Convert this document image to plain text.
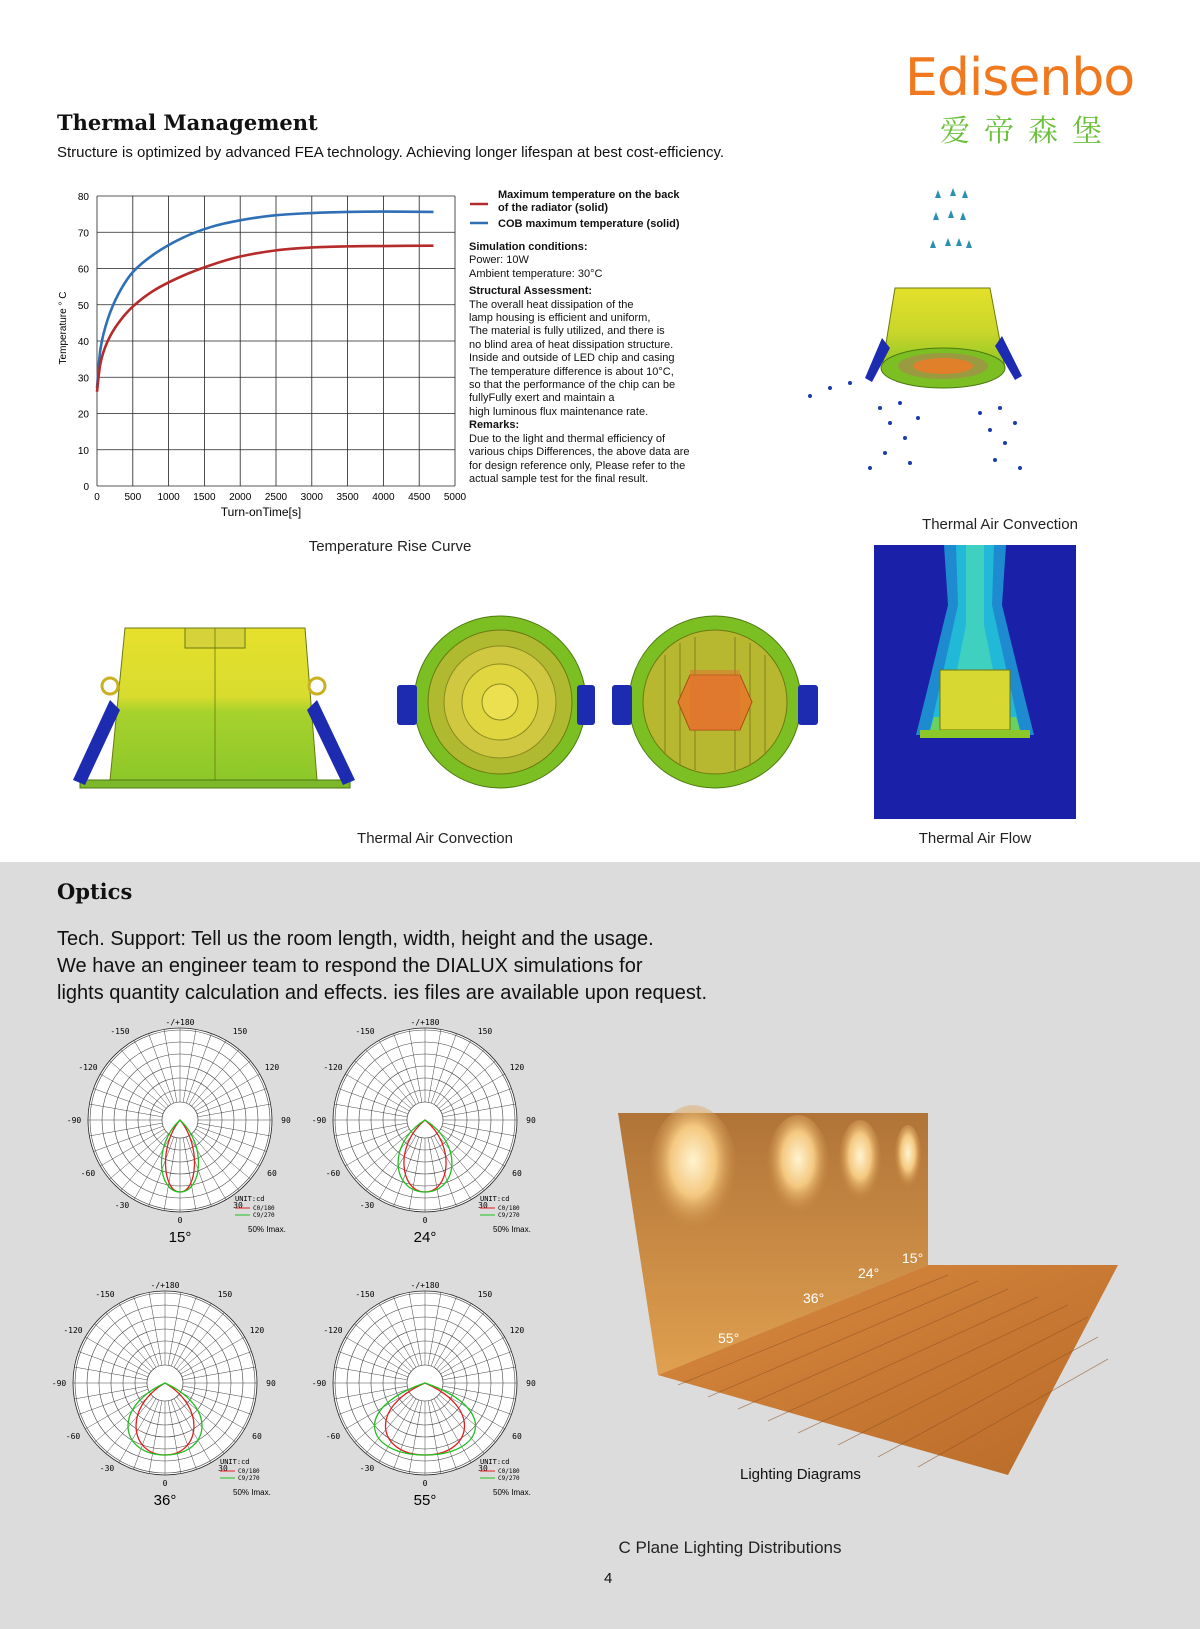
Edisenbo
爱帝森堡
Thermal Management
Structure is optimized by advanced FEA technology. Achieving longer lifespan at best cost-efficiency.
0
10
20
30
40
50
60
70
80
0 500 1000 1500 2000 2500 3000 3500 4000 4500 5000
Turn-onTime[s]
Temperature ° C
Maximum temperature on the back of the radiator (solid)
COB maximum temperature (solid)
Simulation conditions:
Power: 10W
Ambient temperature: 30°C
Structural Assessment:
The overall heat dissipation of the
lamp housing is efficient and uniform,
The material is fully utilized, and there is
no blind area of heat dissipation structure.
Inside and outside of LED chip and casing
The temperature difference is about 10°C,
so that the performance of the chip can be
fullyFully exert and maintain a
high luminous flux maintenance rate.
Remarks:
Due to the light and thermal efficiency of
various chips Differences, the above data are
for design reference only, Please refer to the
actual sample test for the final result.
Temperature Rise Curve
Thermal Air Convection
Thermal Air Convection	Thermal Air Flow
Optics
Tech. Support: Tell us the room length, width, height and the usage.
We have an engineer team to respond the DIALUX simulations for
lights quantity calculation and effects. ies files are available upon request.
-/+180
-150	150
-120	120
-90	90
-60	60
-30	30
0
UNIT:cd
C0/180
C9/270
50% Imax.
15°
-/+180
-150	150
-120	120
-90	90
-60	60
-30	30
0
UNIT:cd
C0/180
C9/270
50% Imax.
24°
-/+180
-150	150
-120	120
-90	90
-60	60
-30	30
0
UNIT:cd
C0/180
C9/270
50% Imax.
36°
-/+180
-150	150
-120	120
-90	90
-60	60
-30	30
0
UNIT:cd
C0/180
C9/270
50% Imax.
55°
15°
24°
36°
55°
Lighting Diagrams
C Plane Lighting Distributions
4
